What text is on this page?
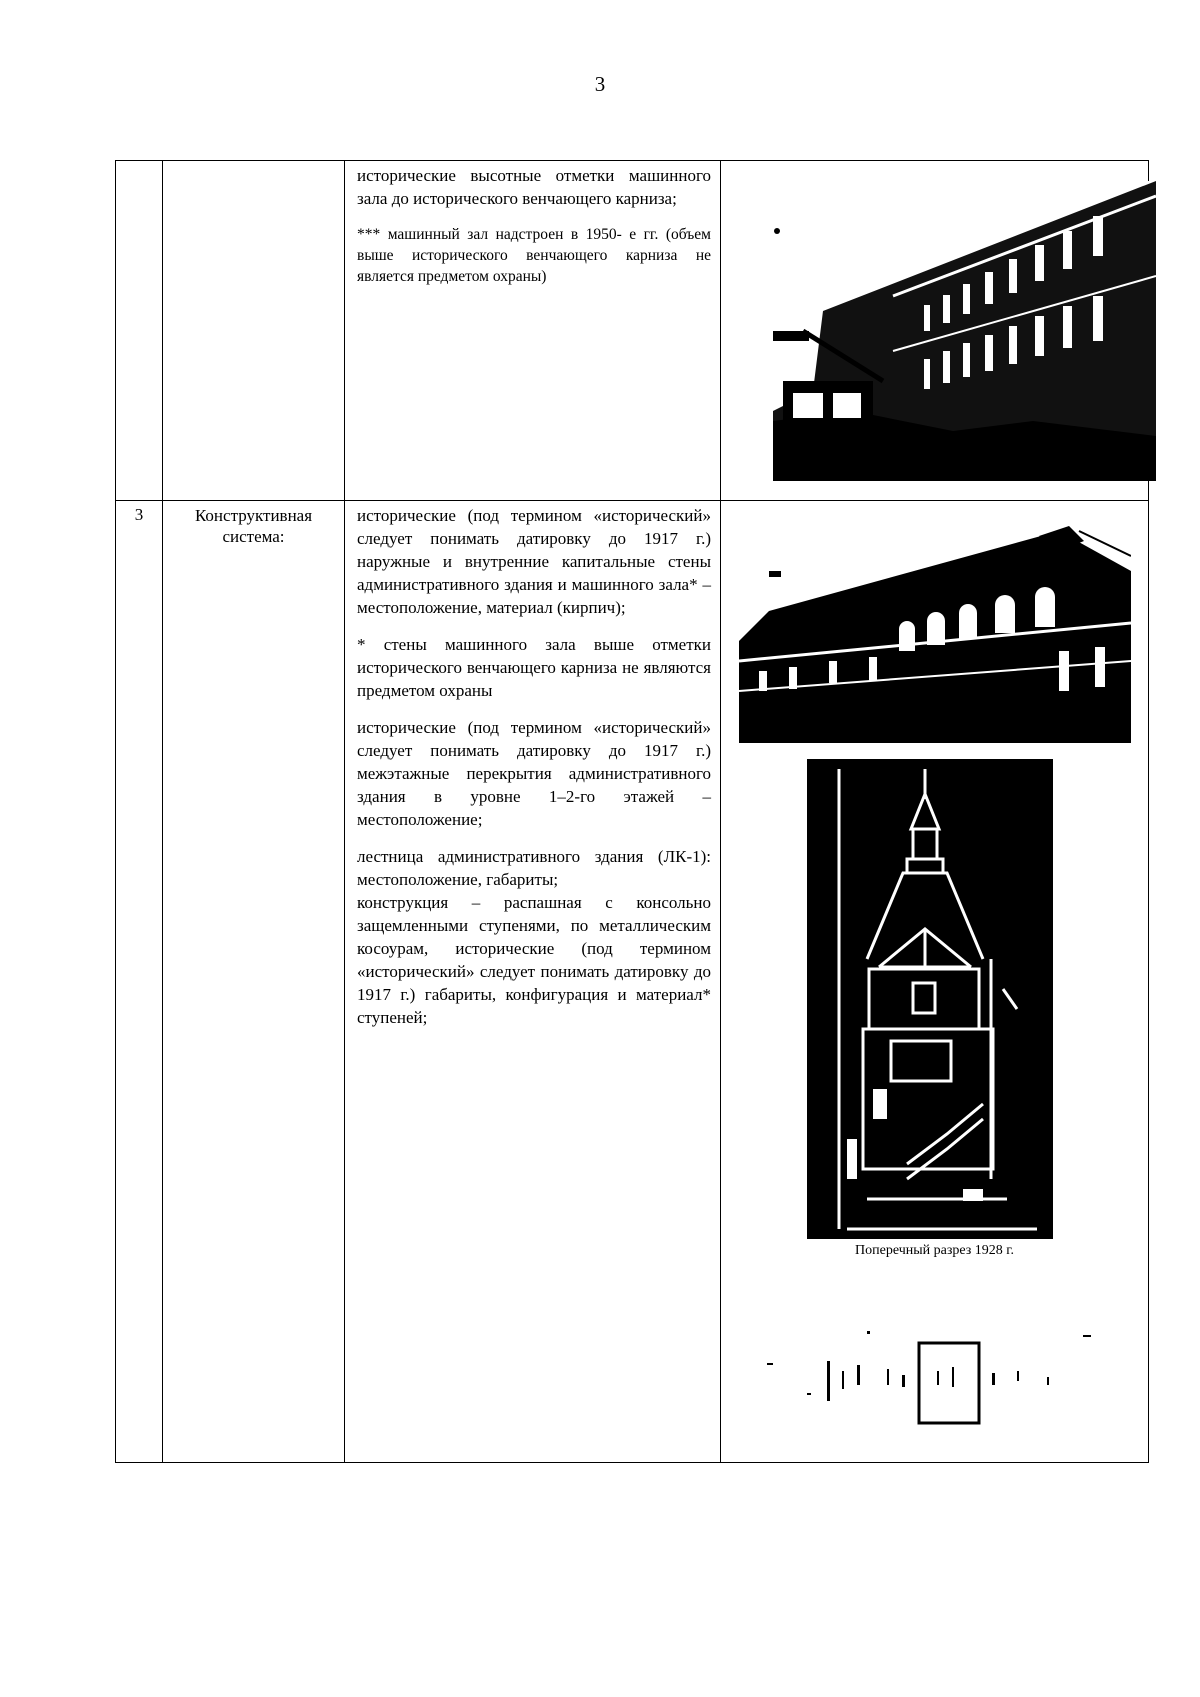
3

		исторические высотные отметки машинного зала до исторического венчающего карниза;

*** машинный зал надстроен в 1950- е гг. (объем выше исторического венчающего карниза не является предметом охраны)	Фото 1931 г.

3	Конструктивная система:	исторические (под термином «исторический» следует понимать датировку до 1917 г.) наружные и внутренние капитальные стены административного здания и машинного зала* – местоположение, материал (кирпич);

* стены машинного зала выше отметки исторического венчающего карниза не являются предметом охраны

исторические (под термином «исторический» следует понимать датировку до 1917 г.) межэтажные перекрытия административного здания в уровне 1–2-го этажей – местоположение;

лестница административного здания (ЛК-1): местоположение, габариты;

конструкция – распашная с консольно защемленными ступенями, по металлическим косоурам, исторические (под термином «исторический» следует понимать датировку до 1917 г.) габариты, конфигурация и материал* ступеней;	Поперечный разрез 1928 г.
